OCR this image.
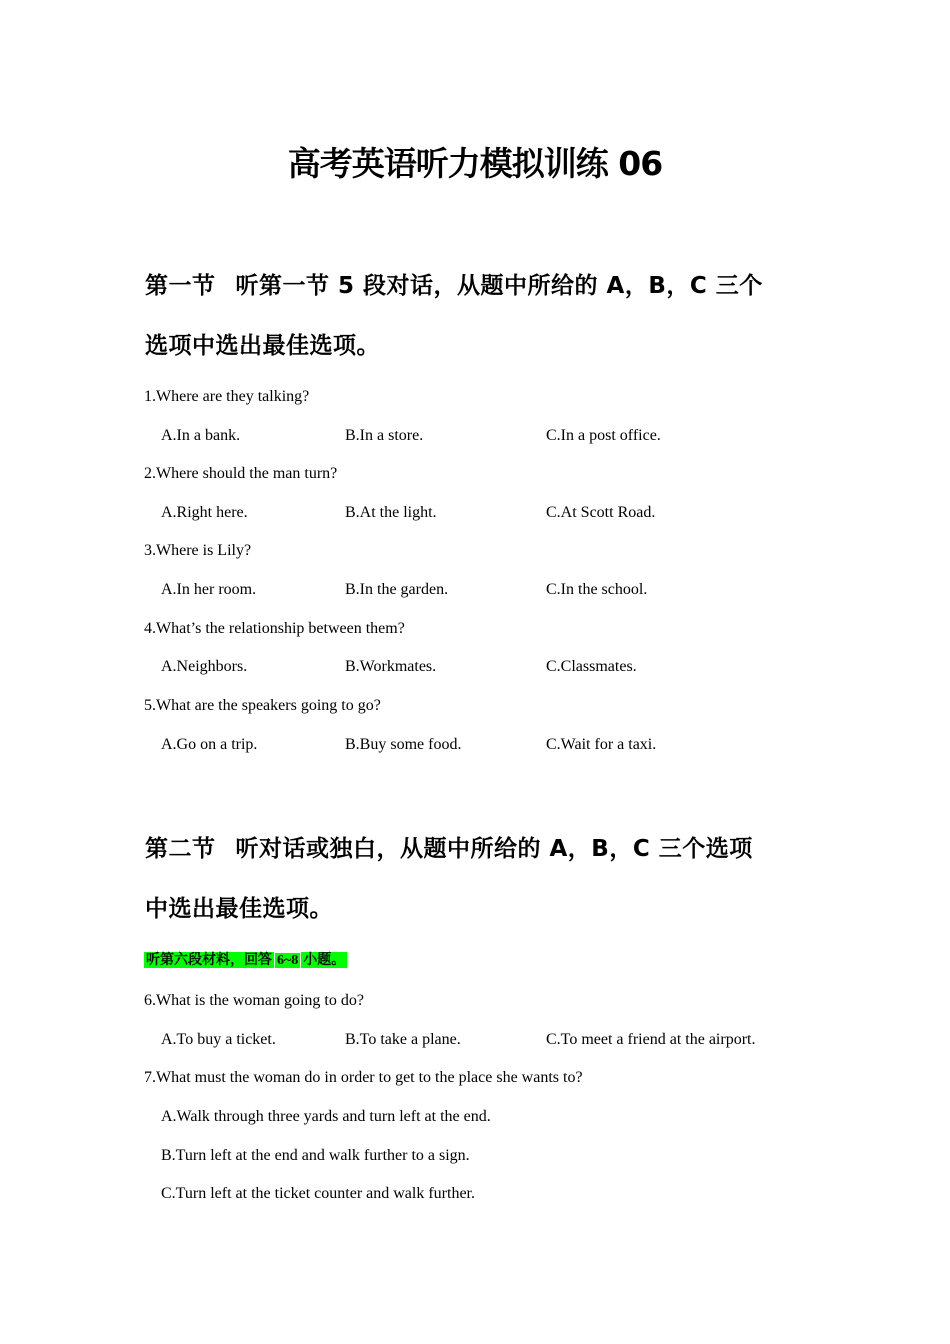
高考英语听力模拟训练 06
第一节 听第一节 5 段对话，从题中所给的 A，B，C 三个
选项中选出最佳选项。
1.Where are they talking?
A.In a bank.	B.In a store.	C.In a post office.
2.Where should the man turn?
A.Right here.	B.At the light.	C.At Scott Road.
3.Where is Lily?
A.In her room.	B.In the garden.	C.In the school.
4.What’s the relationship between them?
A.Neighbors.	B.Workmates.	C.Classmates.
5.What are the speakers going to go?
A.Go on a trip.	B.Buy some food.	C.Wait for a taxi.
第二节 听对话或独白，从题中所给的 A，B，C 三个选项
中选出最佳选项。
听第六段材料，回答 6~8 小题。
6.What is the woman going to do?
A.To buy a ticket.	B.To take a plane.	C.To meet a friend at the airport.
7.What must the woman do in order to get to the place she wants to?
A.Walk through three yards and turn left at the end.
B.Turn left at the end and walk further to a sign.
C.Turn left at the ticket counter and walk further.
